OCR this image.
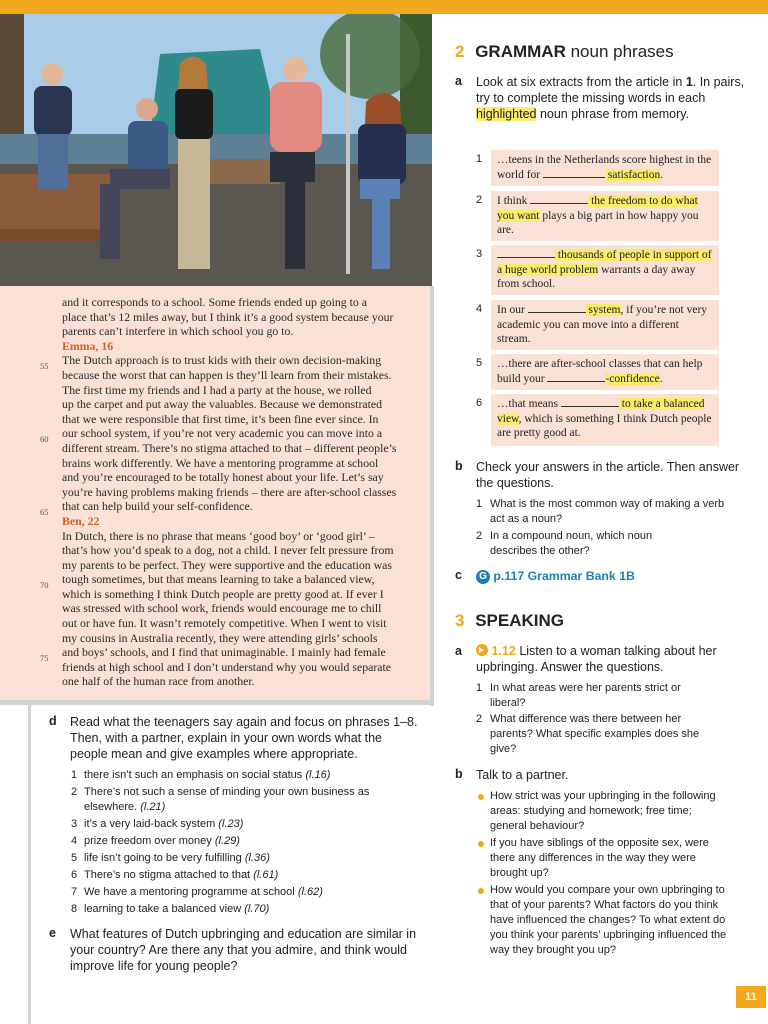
and it corresponds to a school. Some friends ended up going to a
place that’s 12 miles away, but I think it’s a good system because your
parents can’t interfere in which school you go to.
Emma, 16
The Dutch approach is to trust kids with their own decision-making
because the worst that can happen is they’ll learn from their mistakes.
The first time my friends and I had a party at the house, we rolled
up the carpet and put away the valuables. Because we demonstrated
that we were responsible that first time, it’s been fine ever since. In
our school system, if you’re not very academic you can move into a
different stream. There’s no stigma attached to that – different people’s
brains work differently. We have a mentoring programme at school
and you’re encouraged to be totally honest about your life. Let’s say
you’re having problems making friends – there are after-school classes
that can help build your self-confidence.
Ben, 22
In Dutch, there is no phrase that means ‘good boy’ or ‘good girl’ –
that’s how you’d speak to a dog, not a child. I never felt pressure from
my parents to be perfect. They were supportive and the education was
tough sometimes, but that means learning to take a balanced view,
which is something I think Dutch people are pretty good at. If ever I
was stressed with school work, friends would encourage me to chill
out or have fun. It wasn’t remotely competitive. When I went to visit
my cousins in Australia recently, they were attending girls’ schools
and boys’ schools, and I find that unimaginable. I mainly had female
friends at high school and I don’t understand why you would separate
one half of the human race from another.
55
60
65
70
75
d Read what the teenagers say again and focus on phrases 1–8. Then, with a partner, explain in your own words what the people mean and give examples where appropriate.
1 there isn’t such an emphasis on social status (l.16)
2 There’s not such a sense of minding your own business as elsewhere. (l.21)
3 it’s a very laid-back system (l.23)
4 prize freedom over money (l.29)
5 life isn’t going to be very fulfilling (l.36)
6 There’s no stigma attached to that (l.61)
7 We have a mentoring programme at school (l.62)
8 learning to take a balanced view (l.70)
e What features of Dutch upbringing and education are similar in your country? Are there any that you admire, and think would improve life for young people?
2 GRAMMAR noun phrases
a Look at six extracts from the article in 1. In pairs, try to complete the missing words in each highlighted noun phrase from memory.
1	…teens in the Netherlands score highest in the world for	satisfaction.
2	I think	the freedom to do what you want plays a big part in how happy you are.
3	thousands of people in support of a huge world problem warrants a day away from school.
4	In our	system, if you’re not very academic you can move into a different stream.
5	…there are after-school classes that can help build your	-confidence.
6	…that means	to take a balanced view, which is something I think Dutch people are pretty good at.
b Check your answers in the article. Then answer the questions.
1 What is the most common way of making a verb act as a noun?
2 In a compound noun, which noun describes the other?
c	G p.117 Grammar Bank 1B
3 SPEAKING
a	1.12 Listen to a woman talking about her upbringing. Answer the questions.
1 In what areas were her parents strict or liberal?
2 What difference was there between her parents? What specific examples does she give?
b Talk to a partner.
How strict was your upbringing in the following areas: studying and homework; free time; general behaviour?
If you have siblings of the opposite sex, were there any differences in the way they were brought up?
How would you compare your own upbringing to that of your parents? What factors do you think have influenced the changes? To what extent do you think your parents’ upbringing influenced the way they brought you up?
11
